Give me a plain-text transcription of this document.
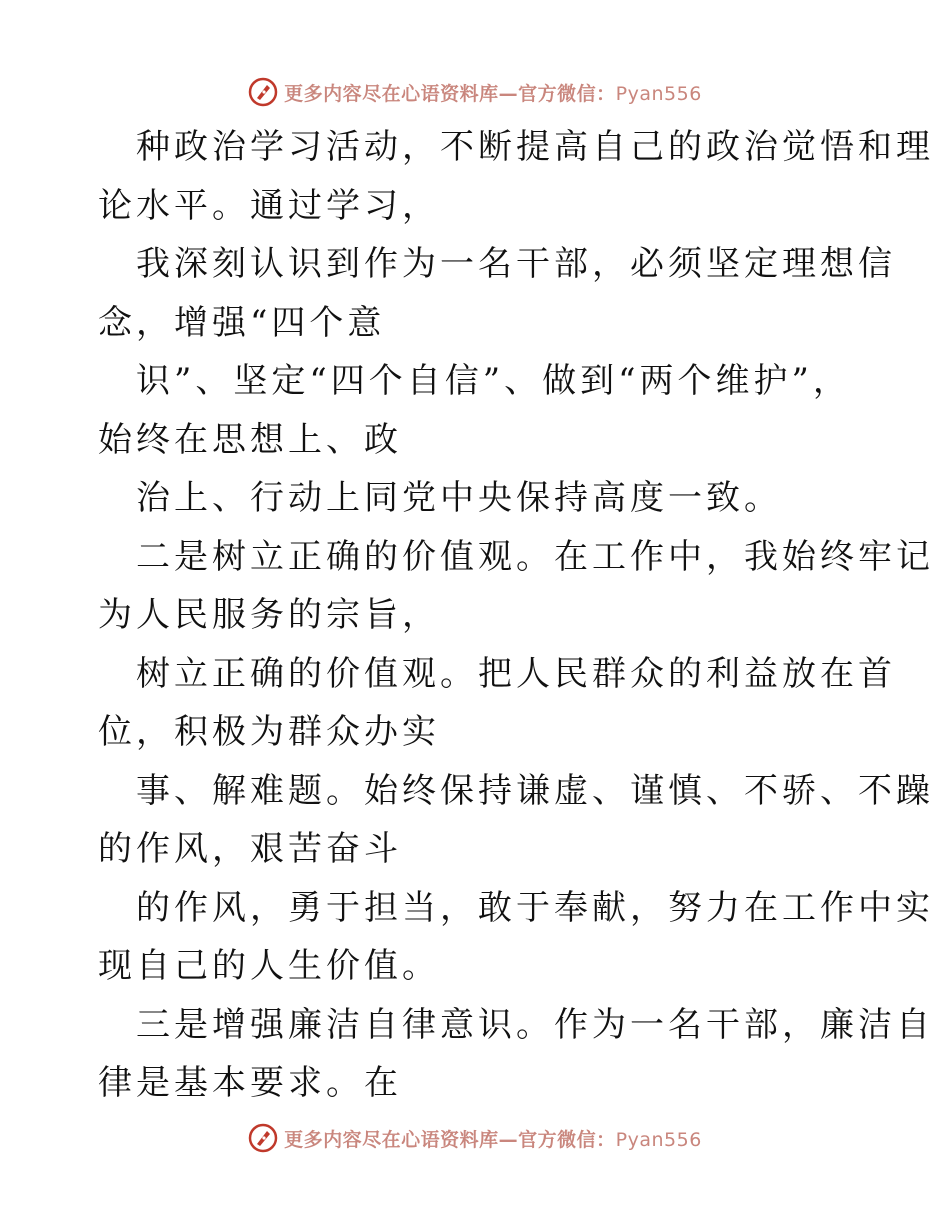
更多内容尽在心语资料库—官方微信：Pyan556
种政治学习活动，不断提高自己的政治觉悟和理
论水平。通过学习，
我深刻认识到作为一名干部，必须坚定理想信
念，增强“四个意
识”、坚定“四个自信”、做到“两个维护”，
始终在思想上、政
治上、行动上同党中央保持高度一致。
二是树立正确的价值观。在工作中，我始终牢记
为人民服务的宗旨，
树立正确的价值观。把人民群众的利益放在首
位，积极为群众办实
事、解难题。始终保持谦虚、谨慎、不骄、不躁
的作风，艰苦奋斗
的作风，勇于担当，敢于奉献，努力在工作中实
现自己的人生价值。
三是增强廉洁自律意识。作为一名干部，廉洁自
律是基本要求。在
更多内容尽在心语资料库—官方微信：Pyan556
